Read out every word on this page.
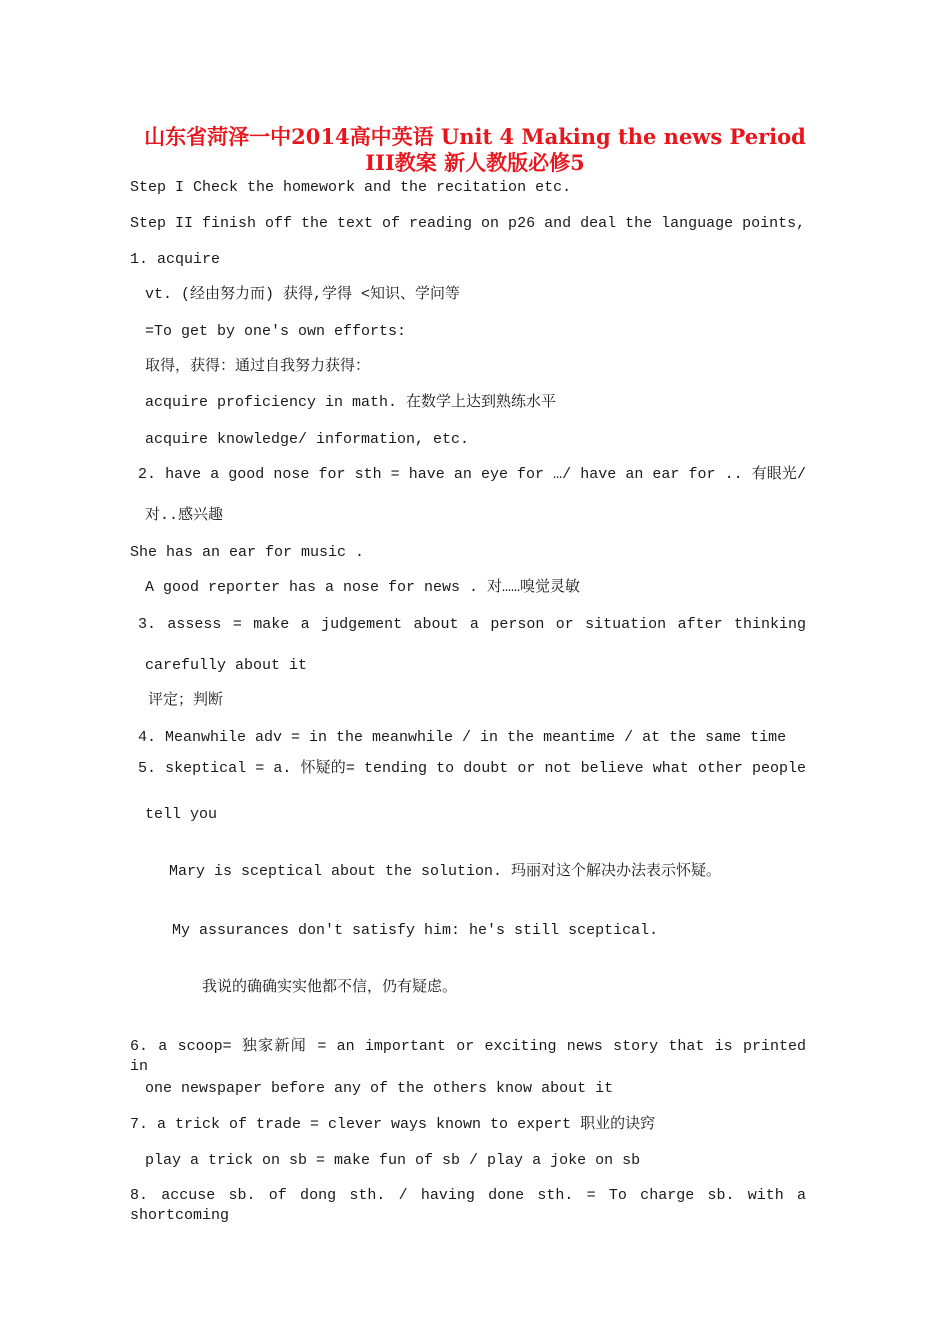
山东省菏泽一中2014高中英语 Unit 4 Making the news Period
III教案 新人教版必修5
Step I Check the homework and the recitation etc.
Step II finish off the text of reading on p26 and deal the language points,
1. acquire
vt. (经由努力而) 获得,学得 <知识、学问等
=To get by one's own efforts:
取得，获得：通过自我努力获得：
acquire proficiency in math. 在数学上达到熟练水平
acquire knowledge/ information, etc.
2. have a good nose for sth = have an eye for …/ have an ear for .. 有眼光/
对..感兴趣
She has an ear for music .
A good reporter has a nose for news . 对……嗅觉灵敏
3. assess = make a judgement about a person or situation after thinking
carefully about it
评定；判断
4. Meanwhile adv = in the meanwhile / in the meantime / at the same time
5. skeptical = a. 怀疑的= tending to doubt or not believe what other people
tell you
Mary is sceptical about the solution. 玛丽对这个解决办法表示怀疑。
My assurances don't satisfy him: he's still sceptical.
我说的确确实实他都不信，仍有疑虑。
6. a scoop= 独家新闻 = an important or exciting news story that is printed in
one newspaper before any of the others know about it
7. a trick of trade = clever ways known to expert 职业的诀窍
play a trick on sb = make fun of sb / play a joke on sb
8. accuse sb. of dong sth. / having done sth. = To charge sb. with a shortcoming
